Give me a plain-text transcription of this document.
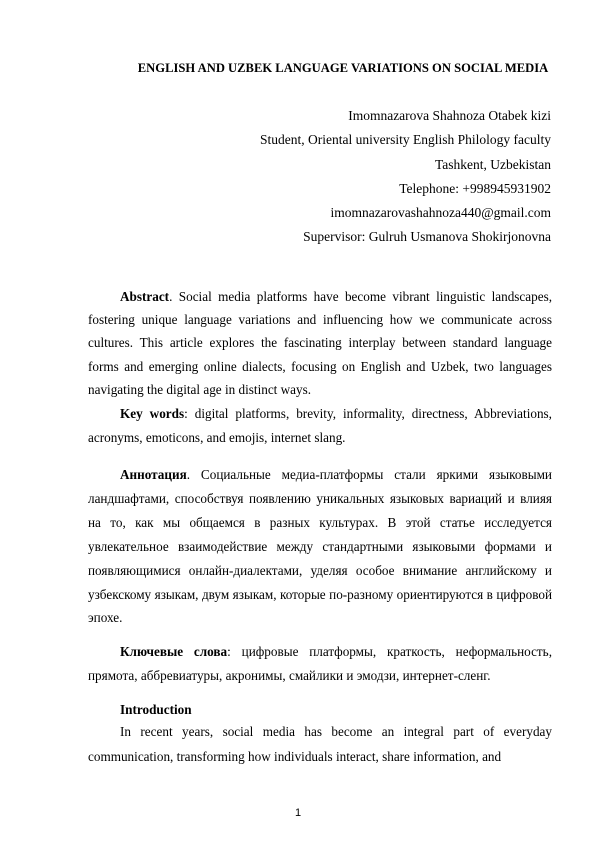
ENGLISH AND UZBEK LANGUAGE VARIATIONS ON SOCIAL MEDIA
Imomnazarova Shahnoza Otabek kizi
Student, Oriental university English Philology faculty
Tashkent, Uzbekistan
Telephone: +998945931902
imomnazarovashahnoza440@gmail.com
Supervisor: Gulruh Usmanova Shokirjonovna

Abstract. Social media platforms have become vibrant linguistic landscapes, fostering unique language variations and influencing how we communicate across cultures. This article explores the fascinating interplay between standard language forms and emerging online dialects, focusing on English and Uzbek, two languages navigating the digital age in distinct ways.

Key words: digital platforms, brevity, informality, directness, Abbreviations, acronyms, emoticons, and emojis, internet slang.

Аннотация. Социальные медиа-платформы стали яркими языковыми ландшафтами, способствуя появлению уникальных языковых вариаций и влияя на то, как мы общаемся в разных культурах. В этой статье исследуется увлекательное взаимодействие между стандартными языковыми формами и появляющимися онлайн-диалектами, уделяя особое внимание английскому и узбекскому языкам, двум языкам, которые по-разному ориентируются в цифровой эпохе.

Ключевые слова: цифровые платформы, краткость, неформальность, прямота, аббревиатуры, акронимы, смайлики и эмодзи, интернет-сленг.

Introduction

In recent years, social media has become an integral part of everyday communication, transforming how individuals interact, share information, and

1
